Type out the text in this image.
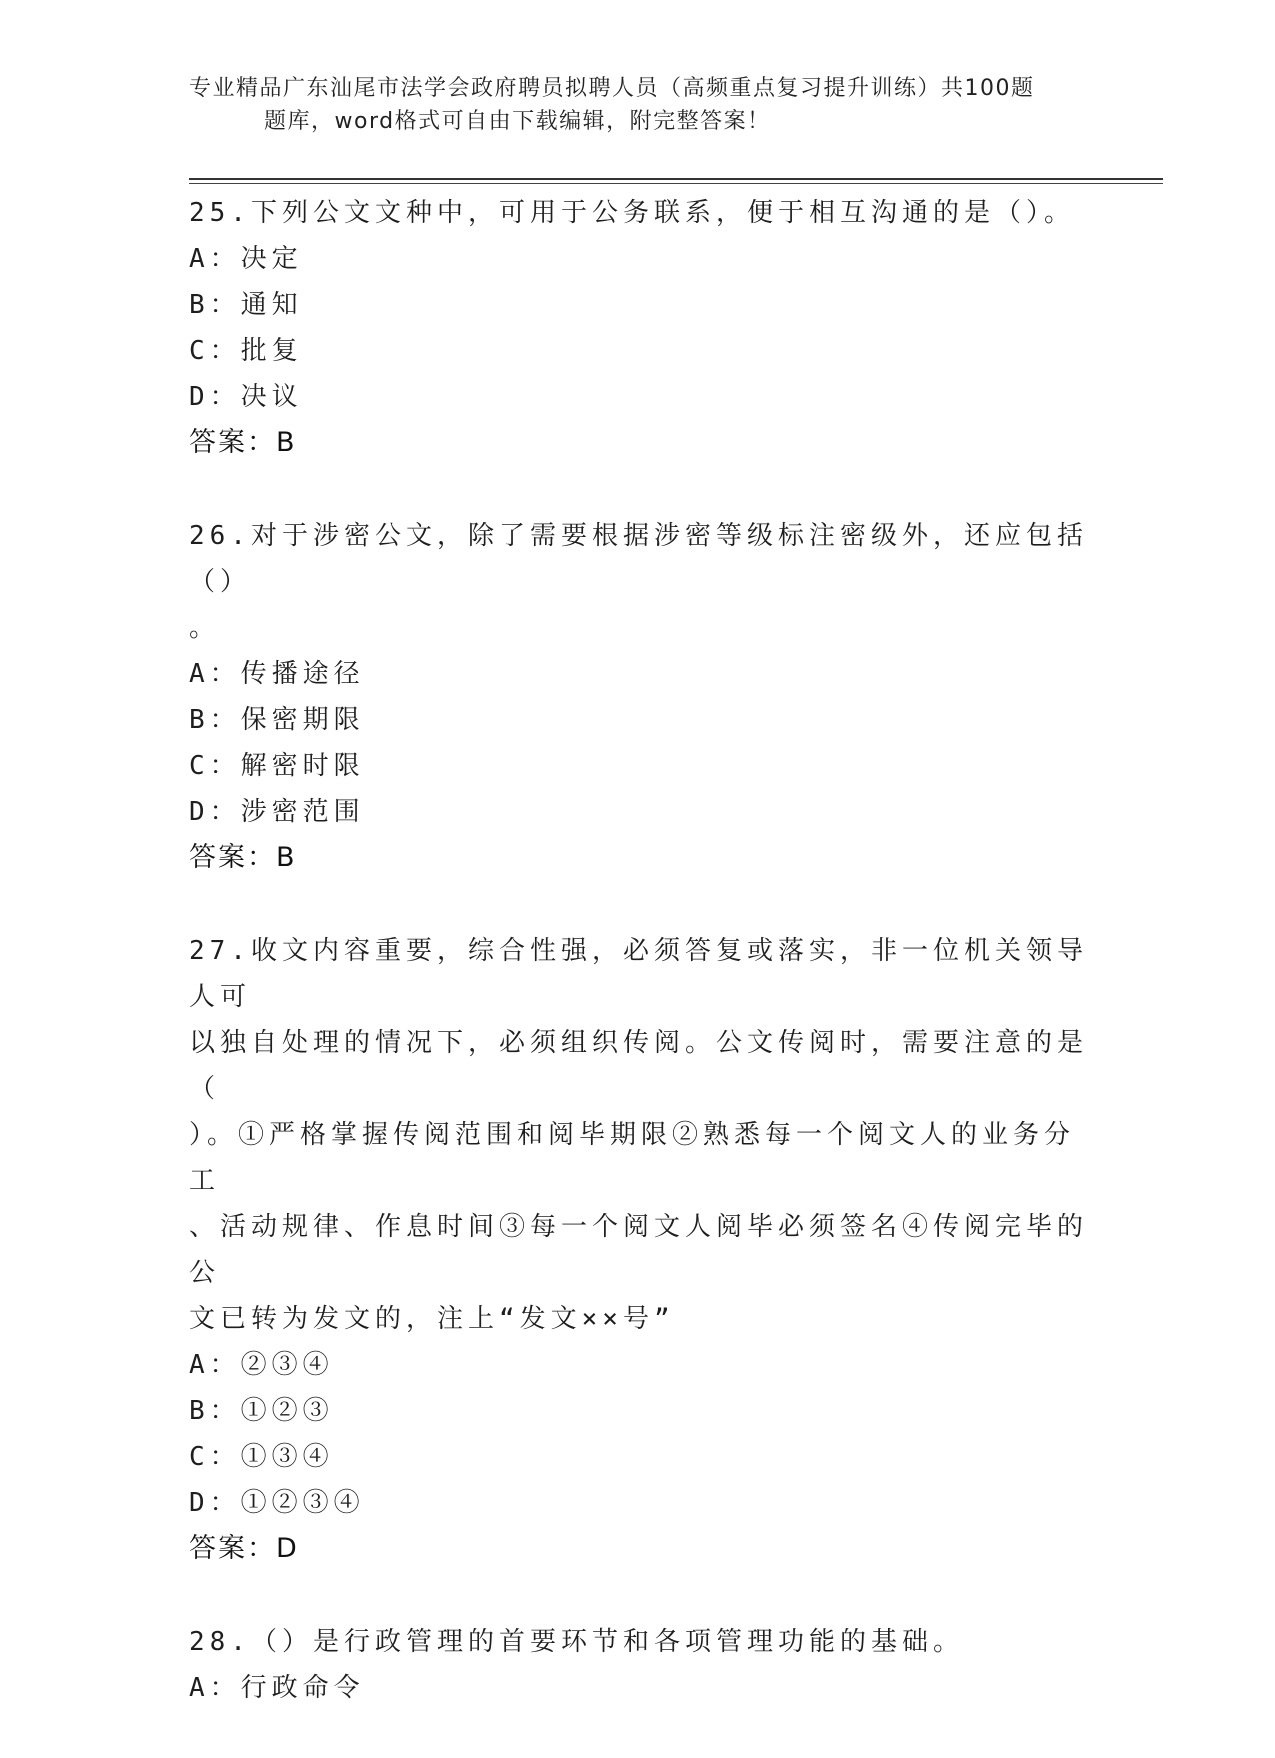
专业精品广东汕尾市法学会政府聘员拟聘人员（高频重点复习提升训练）共100题
题库，word格式可自由下载编辑，附完整答案！
25.下列公文文种中，可用于公务联系，便于相互沟通的是（）。
A：决定
B：通知
C：批复
D：决议
答案：B
26.对于涉密公文，除了需要根据涉密等级标注密级外，还应包括（）
。
A：传播途径
B：保密期限
C：解密时限
D：涉密范围
答案：B
27.收文内容重要，综合性强，必须答复或落实，非一位机关领导人可
以独自处理的情况下，必须组织传阅。公文传阅时，需要注意的是（
）。①严格掌握传阅范围和阅毕期限②熟悉每一个阅文人的业务分工
、活动规律、作息时间③每一个阅文人阅毕必须签名④传阅完毕的公
文已转为发文的，注上“发文××号”
A：②③④
B：①②③
C：①③④
D：①②③④
答案：D
28.（）是行政管理的首要环节和各项管理功能的基础。
A：行政命令
